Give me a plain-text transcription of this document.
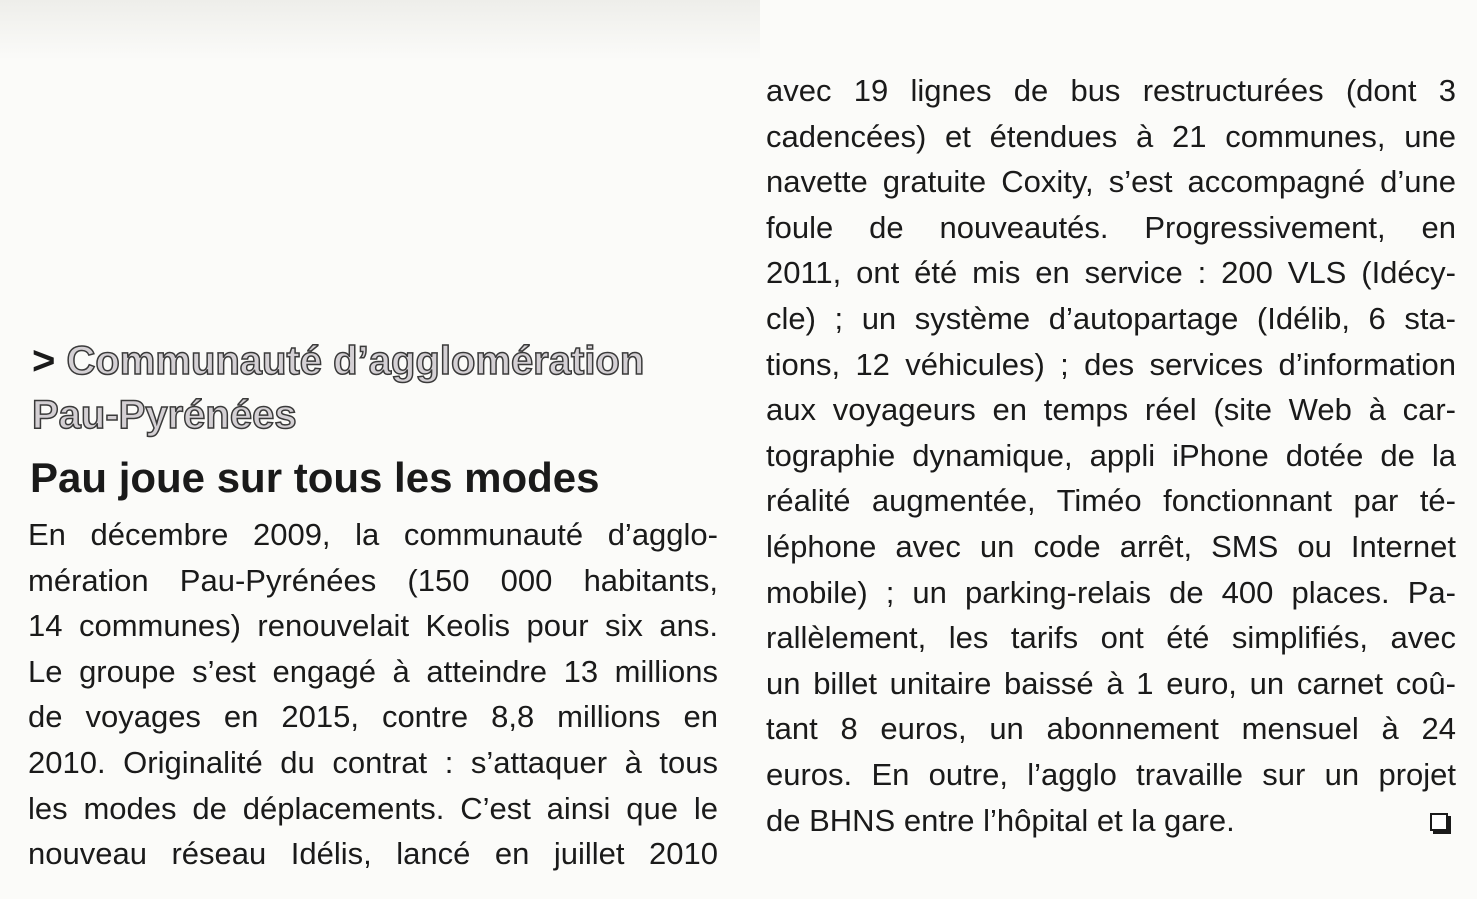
> Communauté d’agglomération
Pau-Pyrénées
Pau joue sur tous les modes
En décembre 2009, la communauté d’agglo-
mération Pau-Pyrénées (150 000 habitants,
14 communes) renouvelait Keolis pour six ans.
Le groupe s’est engagé à atteindre 13 millions
de voyages en 2015, contre 8,8 millions en
2010. Originalité du contrat : s’attaquer à tous
les modes de déplacements. C’est ainsi que le
nouveau réseau Idélis, lancé en juillet 2010
avec 19 lignes de bus restructurées (dont 3
cadencées) et étendues à 21 communes, une
navette gratuite Coxity, s’est accompagné d’une
foule de nouveautés. Progressivement, en
2011, ont été mis en service : 200 VLS (Idécy-
cle) ; un système d’autopartage (Idélib, 6 sta-
tions, 12 véhicules) ; des services d’information
aux voyageurs en temps réel (site Web à car-
tographie dynamique, appli iPhone dotée de la
réalité augmentée, Timéo fonctionnant par té-
léphone avec un code arrêt, SMS ou Internet
mobile) ; un parking-relais de 400 places. Pa-
rallèlement, les tarifs ont été simplifiés, avec
un billet unitaire baissé à 1 euro, un carnet coû-
tant 8 euros, un abonnement mensuel à 24
euros. En outre, l’agglo travaille sur un projet
de BHNS entre l’hôpital et la gare.
